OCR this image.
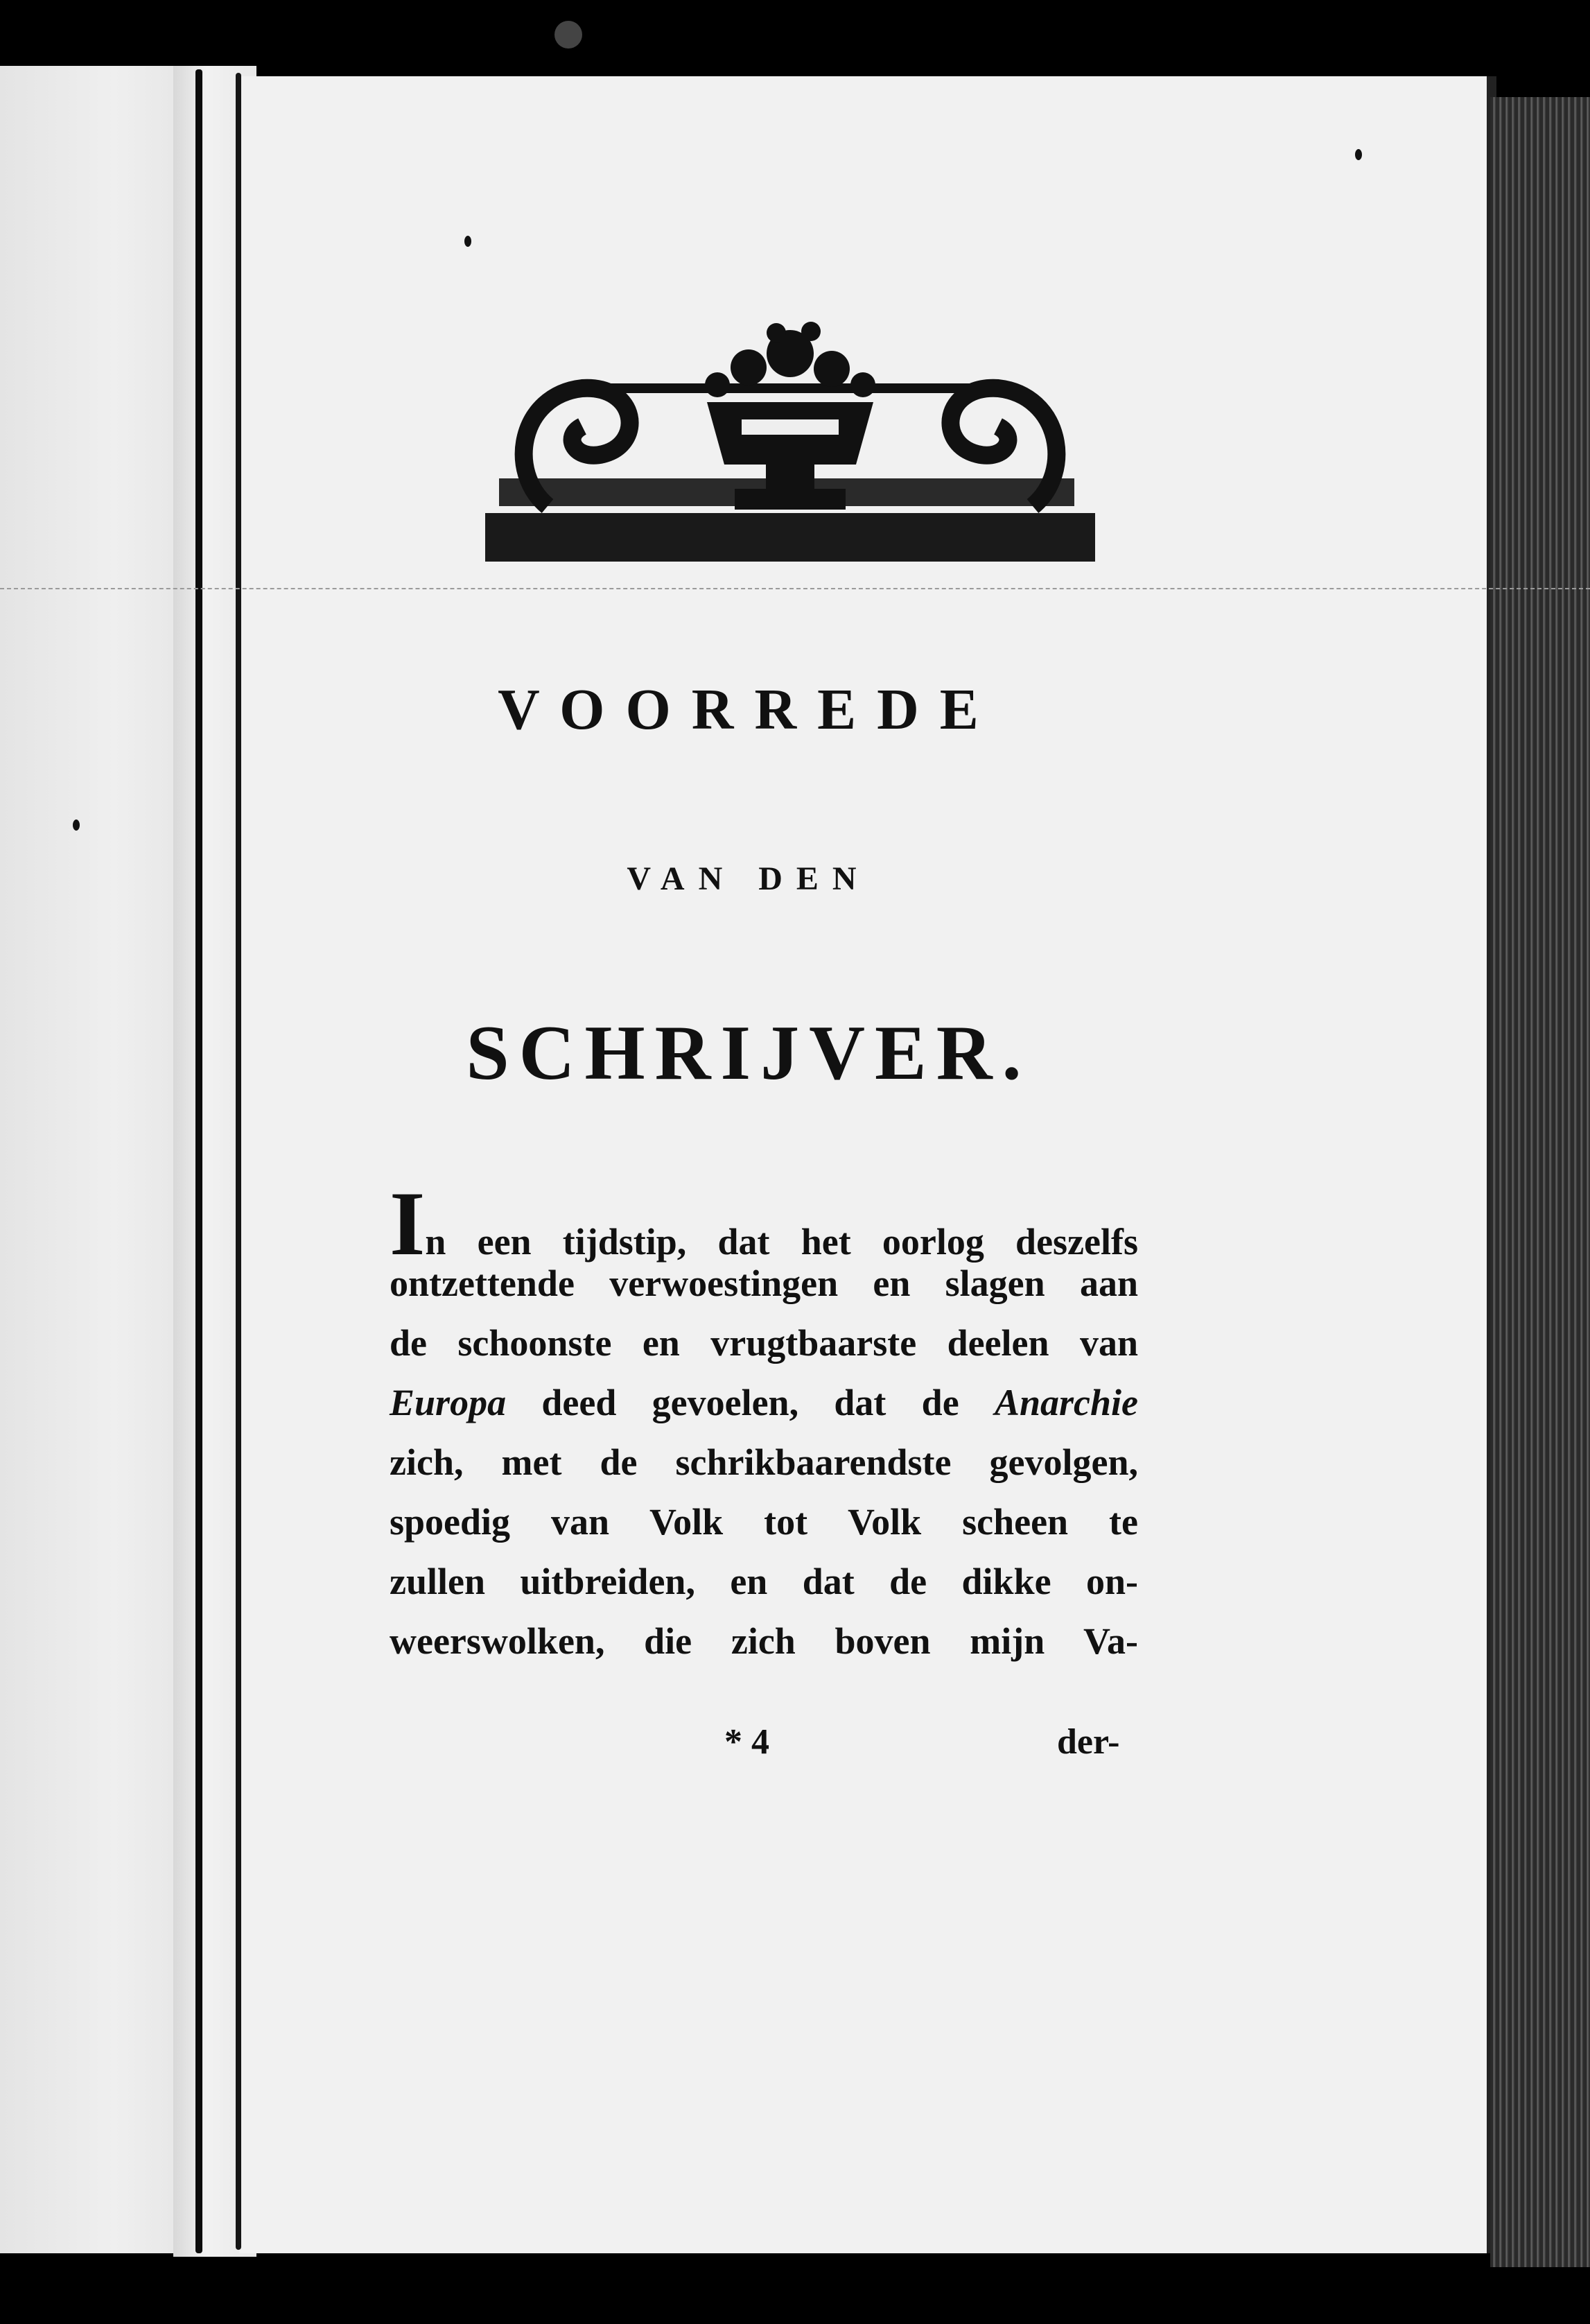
VOORREDE
VAN DEN
SCHRIJVER.
In een tijdstip, dat het oorlog deszelfs
ontzettende verwoestingen en slagen aan
de schoonste en vrugtbaarste deelen van
Europa deed gevoelen, dat de Anarchie
zich, met de schrikbaarendste gevolgen,
spoedig van Volk tot Volk scheen te
zullen uitbreiden, en dat de dikke on-
weerswolken, die zich boven mijn Va-
* 4	der-
